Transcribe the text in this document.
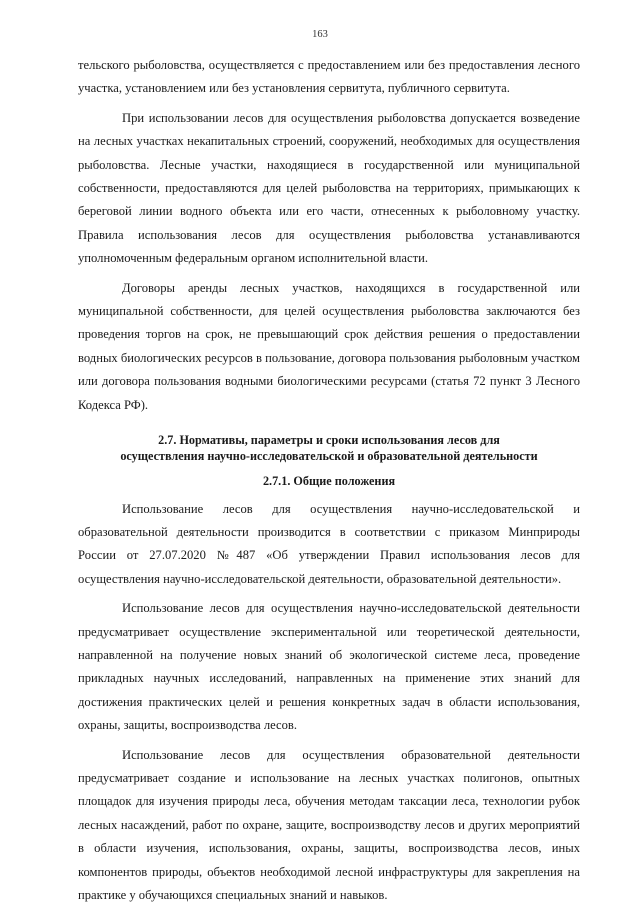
163

тельского рыболовства, осуществляется с предоставлением или без предоставления лесного участка, установлением или без установления сервитута, публичного сервитута.

При использовании лесов для осуществления рыболовства допускается возведение на лесных участках некапитальных строений, сооружений, необходимых для осуществления рыболовства. Лесные участки, находящиеся в государственной или муниципальной собственности, предоставляются для целей рыболовства на территориях, примыкающих к береговой линии водного объекта или его части, отнесенных к рыболовному участку. Правила использования лесов для осуществления рыболовства устанавливаются уполномоченным федеральным органом исполнительной власти.

Договоры аренды лесных участков, находящихся в государственной или муниципальной собственности, для целей осуществления рыболовства заключаются без проведения торгов на срок, не превышающий срок действия решения о предоставлении водных биологических ресурсов в пользование, договора пользования рыболовным участком или договора пользования водными биологическими ресурсами (статья 72 пункт 3 Лесного Кодекса РФ).

2.7. Нормативы, параметры и сроки использования лесов для
осуществления научно-исследовательской и образовательной деятельности
2.7.1. Общие положения

Использование лесов для осуществления научно-исследовательской и образовательной деятельности производится в соответствии с приказом Минприроды России от 27.07.2020 №487 «Об утверждении Правил использования лесов для осуществления научно-исследовательской деятельности, образовательной деятельности».

Использование лесов для осуществления научно-исследовательской деятельности предусматривает осуществление экспериментальной или теоретической деятельности, направленной на получение новых знаний об экологической системе леса, проведение прикладных научных исследований, направленных на применение этих знаний для достижения практических целей и решения конкретных задач в области использования, охраны, защиты, воспроизводства лесов.

Использование лесов для осуществления образовательной деятельности предусматривает создание и использование на лесных участках полигонов, опытных площадок для изучения природы леса, обучения методам таксации леса, технологии рубок лесных насаждений, работ по охране, защите, воспроизводству лесов и других мероприятий в области изучения, использования, охраны, защиты, воспроизводства лесов, иных компонентов природы, объектов необходимой лесной инфраструктуры для закрепления на практике у обучающихся специальных знаний и навыков.
